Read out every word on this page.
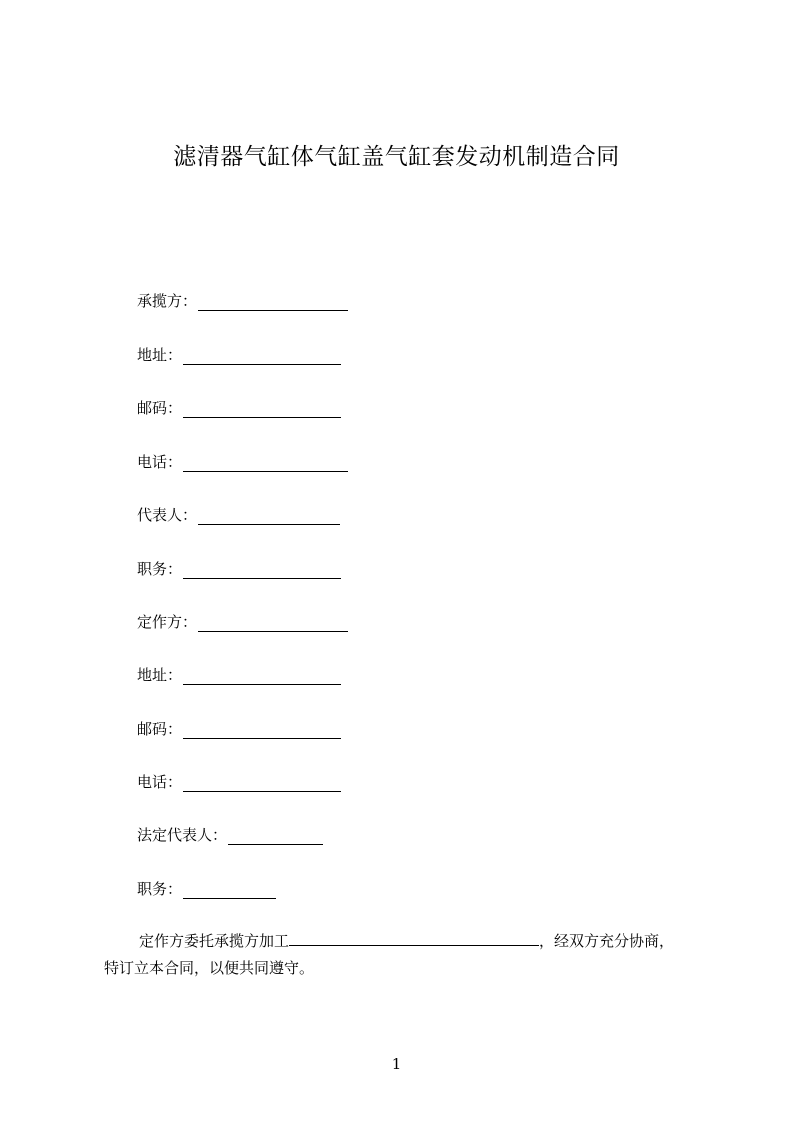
滤清器气缸体气缸盖气缸套发动机制造合同
承揽方：
地址：
邮码：
电话：
代表人：
职务：
定作方：
地址：
邮码：
电话：
法定代表人：
职务：
定作方委托承揽方加工	，经双方充分协商，
特订立本合同，以便共同遵守。
1
